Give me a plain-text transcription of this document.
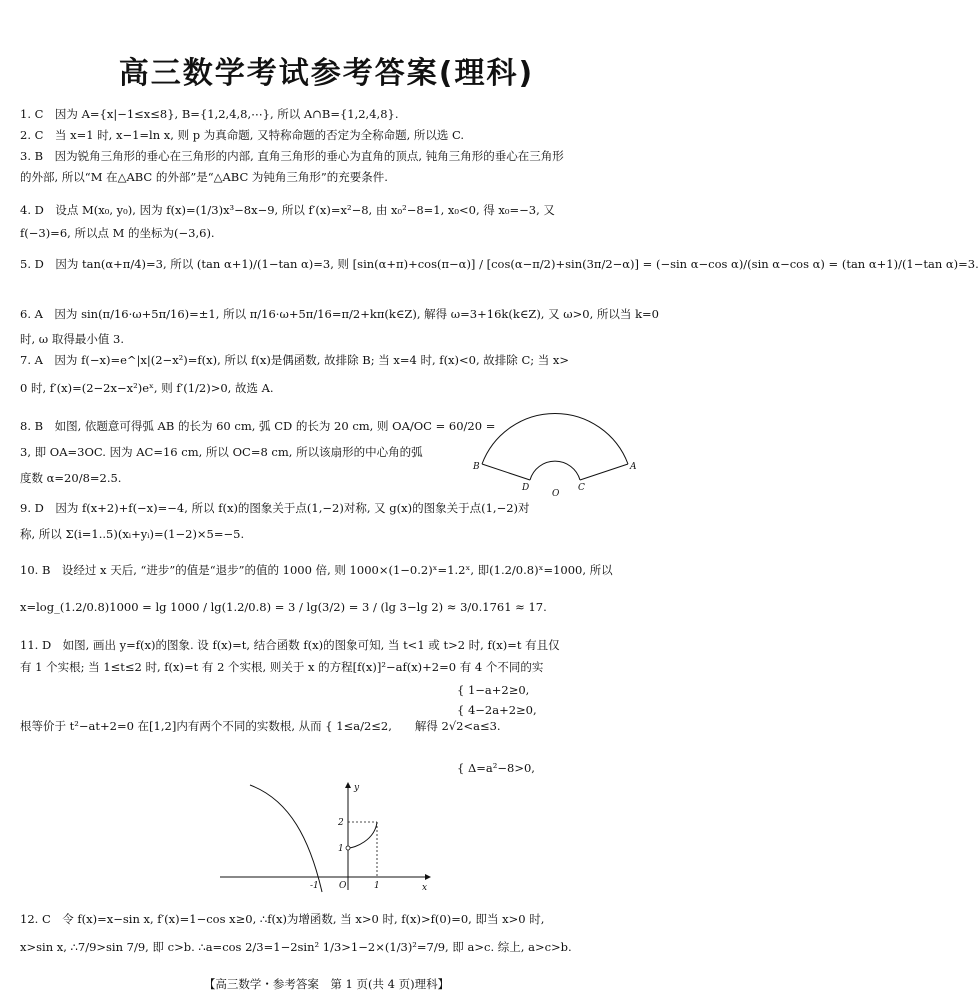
高三数学考试参考答案(理科)
1. C　因为 A={x|−1≤x≤8}, B={1,2,4,8,⋯}, 所以 A∩B={1,2,4,8}.
2. C　当 x=1 时, x−1=ln x, 则 p 为真命题, 又特称命题的否定为全称命题, 所以选 C.
3. B　因为锐角三角形的垂心在三角形的内部, 直角三角形的垂心为直角的顶点, 钝角三角形的垂心在三角形
的外部, 所以“M 在△ABC 的外部”是“△ABC 为钝角三角形”的充要条件.
4. D　设点 M(x₀, y₀), 因为 f(x)=(1/3)x³−8x−9, 所以 f′(x)=x²−8, 由 x₀²−8=1, x₀<0, 得 x₀=−3, 又
f(−3)=6, 所以点 M 的坐标为(−3,6).
5. D　因为 tan(α+π/4)=3, 所以 (tan α+1)/(1−tan α)=3, 则 [sin(α+π)+cos(π−α)] / [cos(α−π/2)+sin(3π/2−α)] = (−sin α−cos α)/(sin α−cos α) = (tan α+1)/(1−tan α)=3.
6. A　因为 sin(π/16·ω+5π/16)=±1, 所以 π/16·ω+5π/16=π/2+kπ(k∈Z), 解得 ω=3+16k(k∈Z), 又 ω>0, 所以当 k=0
时, ω 取得最小值 3.
7. A　因为 f(−x)=e^|x|(2−x²)=f(x), 所以 f(x)是偶函数, 故排除 B; 当 x=4 时, f(x)<0, 故排除 C; 当 x>
0 时, f′(x)=(2−2x−x²)eˣ, 则 f′(1/2)>0, 故选 A.
8. B　如图, 依题意可得弧 AB 的长为 60 cm, 弧 CD 的长为 20 cm, 则 OA/OC = 60/20 =
3, 即 OA=3OC. 因为 AC=16 cm, 所以 OC=8 cm, 所以该扇形的中心角的弧
度数 α=20/8=2.5.
9. D　因为 f(x+2)+f(−x)=−4, 所以 f(x)的图象关于点(1,−2)对称, 又 g(x)的图象关于点(1,−2)对
称, 所以 Σ(i=1..5)(xᵢ+yᵢ)=(1−2)×5=−5.
10. B　设经过 x 天后, “进步”的值是“退步”的值的 1000 倍, 则 1000×(1−0.2)ˣ=1.2ˣ, 即(1.2/0.8)ˣ=1000, 所以
x=log_(1.2/0.8)1000 = lg 1000 / lg(1.2/0.8) = 3 / lg(3/2) = 3 / (lg 3−lg 2) ≈ 3/0.1761 ≈ 17.
11. D　如图, 画出 y=f(x)的图象. 设 f(x)=t, 结合函数 f(x)的图象可知, 当 t<1 或 t>2 时, f(x)=t 有且仅
有 1 个实根; 当 1≤t≤2 时, f(x)=t 有 2 个实根, 则关于 x 的方程[f(x)]²−af(x)+2=0 有 4 个不同的实
　　　　　　　　　　　　　　　　　　　　　　　　　　　　　　　　　　　　　　{ 1−a+2≥0,
　　　　　　　　　　　　　　　　　　　　　　　　　　　　　　　　　　　　　　{ 4−2a+2≥0,
根等价于 t²−at+2=0 在[1,2]内有两个不同的实数根, 从而 { 1≤a/2≤2,　　解得 2√2<a≤3.
　　　　　　　　　　　　　　　　　　　　　　　　　　　　　　　　　　　　　　{ Δ=a²−8>0,
12. C　令 f(x)=x−sin x, f′(x)=1−cos x≥0, ∴f(x)为增函数, 当 x>0 时, f(x)>f(0)=0, 即当 x>0 时,
x>sin x, ∴7/9>sin 7/9, 即 c>b. ∴a=cos 2/3=1−2sin² 1/3>1−2×(1/3)²=7/9, 即 a>c. 综上, a>c>b.
B	A
D	C
O
y
x
2
1
O
-1	1
【高三数学・参考答案　第 1 页(共 4 页)理科】
